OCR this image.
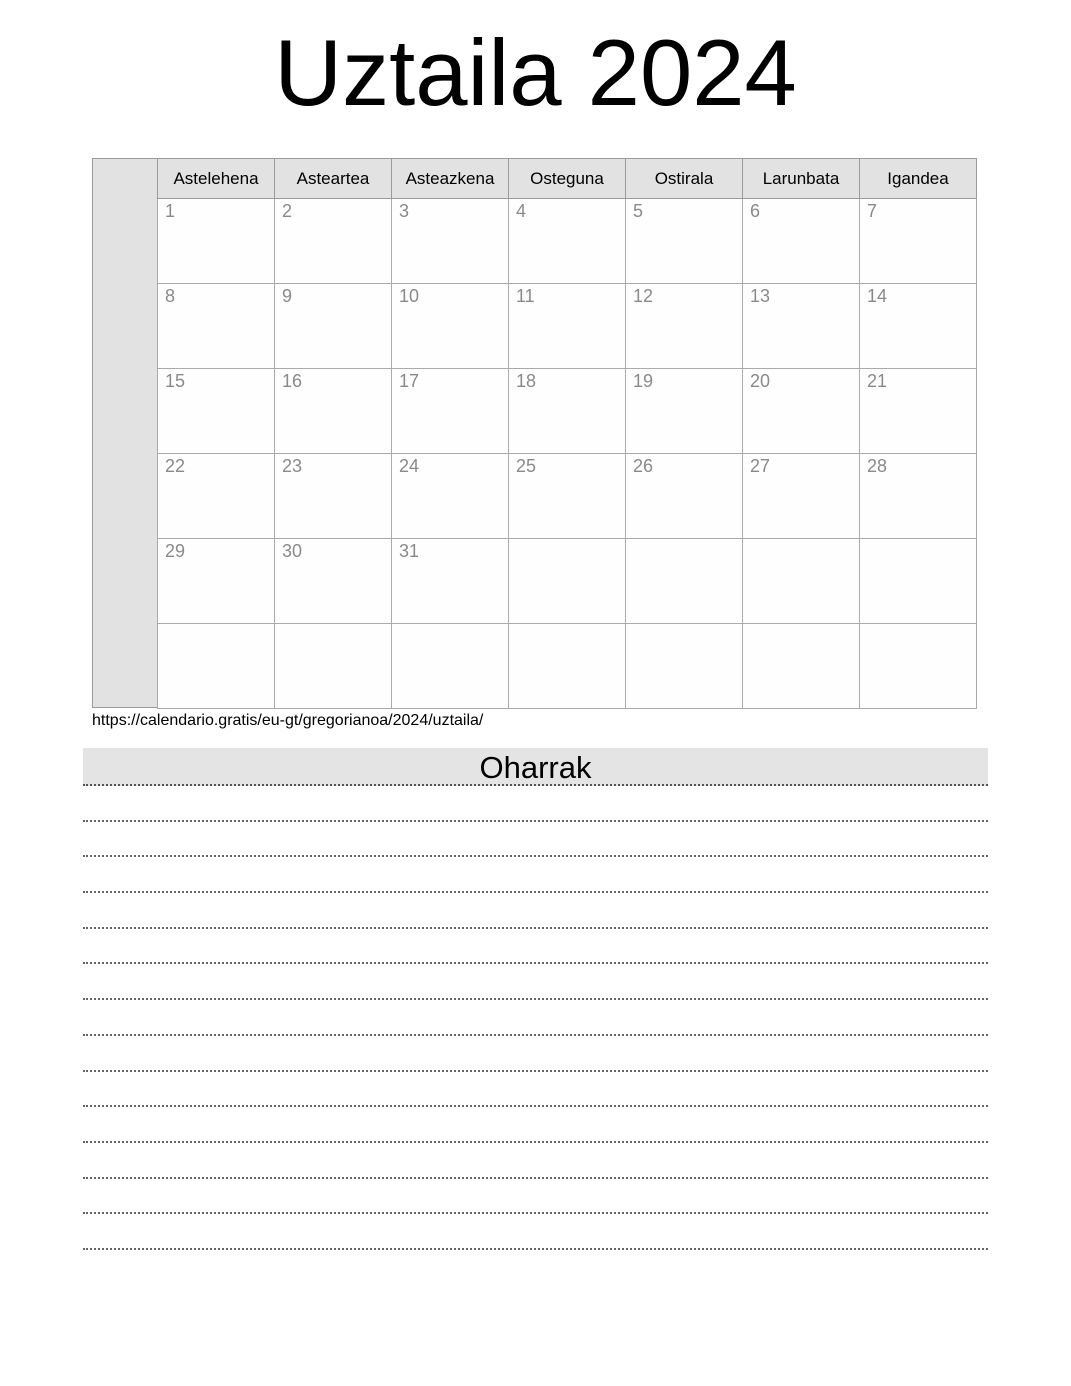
Uztaila 2024
Astelehena	Asteartea	Asteazkena	Osteguna	Ostirala	Larunbata	Igandea
1	2	3	4	5	6	7
8	9	10	11	12	13	14
15	16	17	18	19	20	21
22	23	24	25	26	27	28
29	30	31				

https://calendario.gratis/eu-gt/gregorianoa/2024/uztaila/
Oharrak
